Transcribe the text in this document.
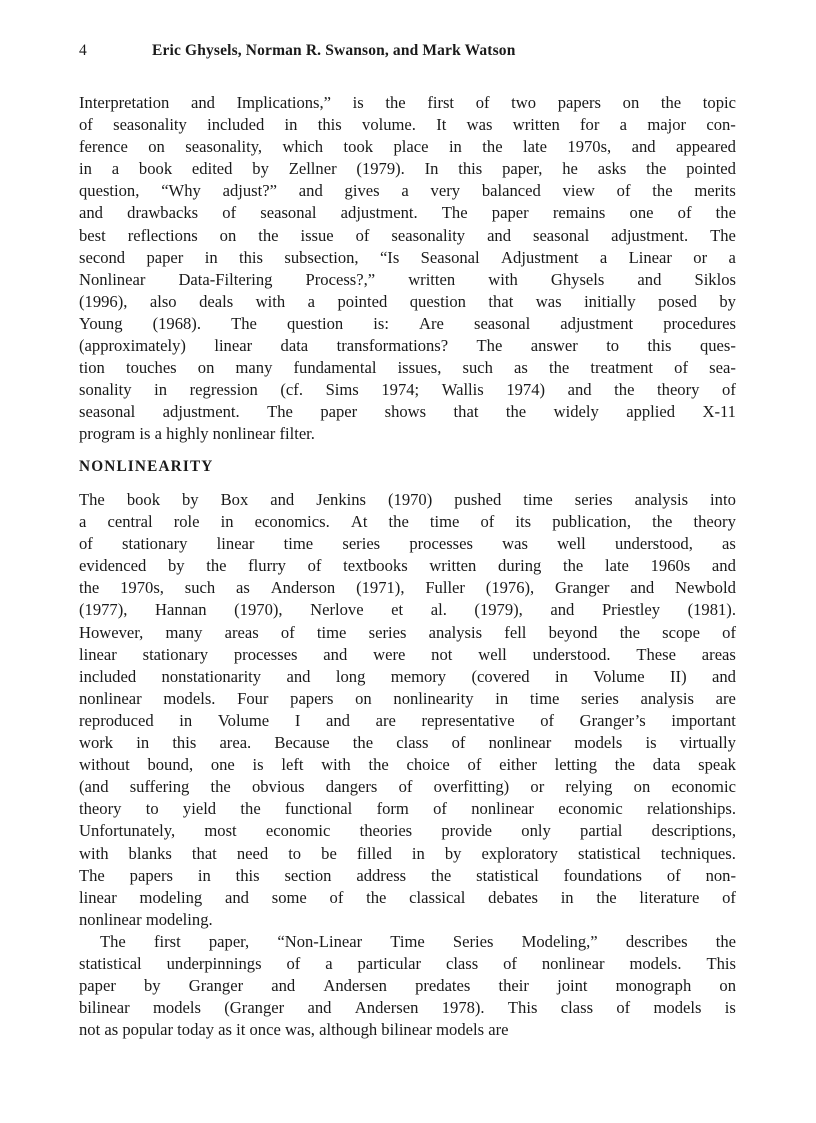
4	Eric Ghysels, Norman R. Swanson, and Mark Watson
Interpretation and Implications,” is the first of two papers on the topic
of seasonality included in this volume. It was written for a major con-
ference on seasonality, which took place in the late 1970s, and appeared
in a book edited by Zellner (1979). In this paper, he asks the pointed
question, “Why adjust?” and gives a very balanced view of the merits
and drawbacks of seasonal adjustment. The paper remains one of the
best reflections on the issue of seasonality and seasonal adjustment. The
second paper in this subsection, “Is Seasonal Adjustment a Linear or a
Nonlinear Data-Filtering Process?,” written with Ghysels and Siklos
(1996), also deals with a pointed question that was initially posed by
Young (1968). The question is: Are seasonal adjustment procedures
(approximately) linear data transformations? The answer to this ques-
tion touches on many fundamental issues, such as the treatment of sea-
sonality in regression (cf. Sims 1974; Wallis 1974) and the theory of
seasonal adjustment. The paper shows that the widely applied X-11
program is a highly nonlinear filter.
NONLINEARITY
The book by Box and Jenkins (1970) pushed time series analysis into
a central role in economics. At the time of its publication, the theory
of stationary linear time series processes was well understood, as
evidenced by the flurry of textbooks written during the late 1960s and
the 1970s, such as Anderson (1971), Fuller (1976), Granger and Newbold
(1977), Hannan (1970), Nerlove et al. (1979), and Priestley (1981).
However, many areas of time series analysis fell beyond the scope of
linear stationary processes and were not well understood. These areas
included nonstationarity and long memory (covered in Volume II) and
nonlinear models. Four papers on nonlinearity in time series analysis are
reproduced in Volume I and are representative of Granger’s important
work in this area. Because the class of nonlinear models is virtually
without bound, one is left with the choice of either letting the data speak
(and suffering the obvious dangers of overfitting) or relying on economic
theory to yield the functional form of nonlinear economic relationships.
Unfortunately, most economic theories provide only partial descriptions,
with blanks that need to be filled in by exploratory statistical techniques.
The papers in this section address the statistical foundations of non-
linear modeling and some of the classical debates in the literature of
nonlinear modeling.
The first paper, “Non-Linear Time Series Modeling,” describes the
statistical underpinnings of a particular class of nonlinear models. This
paper by Granger and Andersen predates their joint monograph on
bilinear models (Granger and Andersen 1978). This class of models is
not as popular today as it once was, although bilinear models are
